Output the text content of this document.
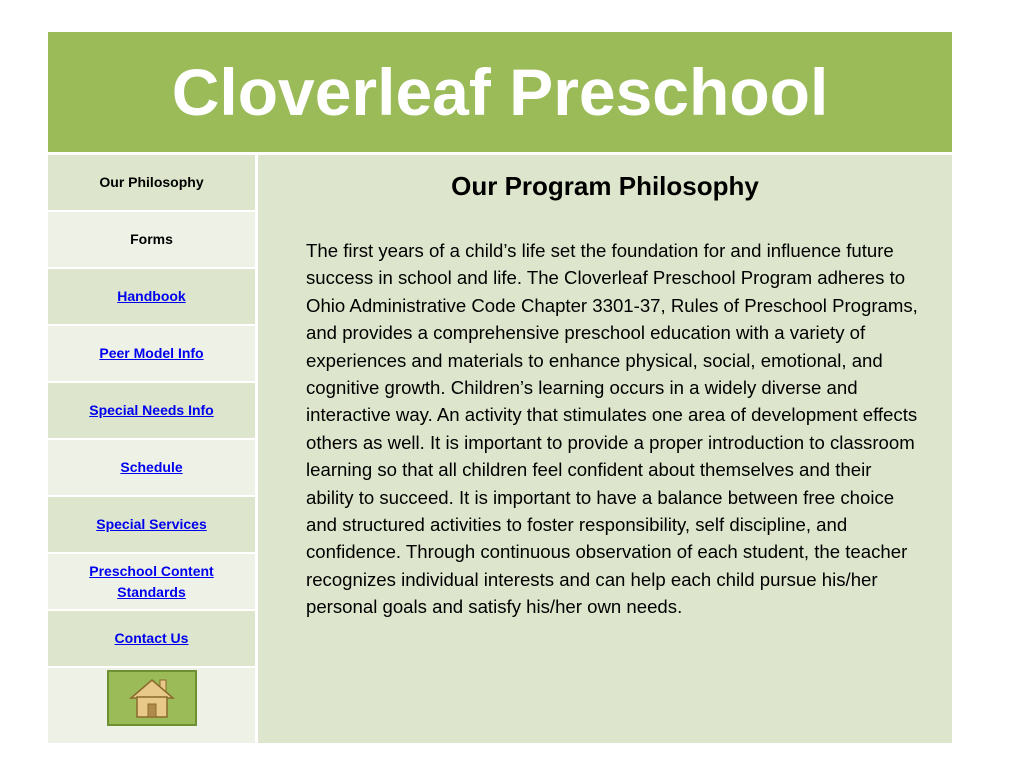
Cloverleaf Preschool
Our Philosophy
Forms
Handbook
Peer Model Info
Special Needs Info
Schedule
Special Services
Preschool Content Standards
Contact Us
Our Program Philosophy
The first years of a child’s life set the foundation for and influence future success in school and life. The Cloverleaf Preschool Program adheres to Ohio Administrative Code Chapter 3301-37, Rules of Preschool Programs, and provides a comprehensive preschool education with a variety of experiences and materials to enhance physical, social, emotional, and cognitive growth. Children’s learning occurs in a widely diverse and interactive way. An activity that stimulates one area of development effects others as well. It is important to provide a proper introduction to classroom learning so that all children feel confident about themselves and their ability to succeed. It is important to have a balance between free choice and structured activities to foster responsibility, self discipline, and confidence. Through continuous observation of each student, the teacher recognizes individual interests and can help each child pursue his/her personal goals and satisfy his/her own needs.
